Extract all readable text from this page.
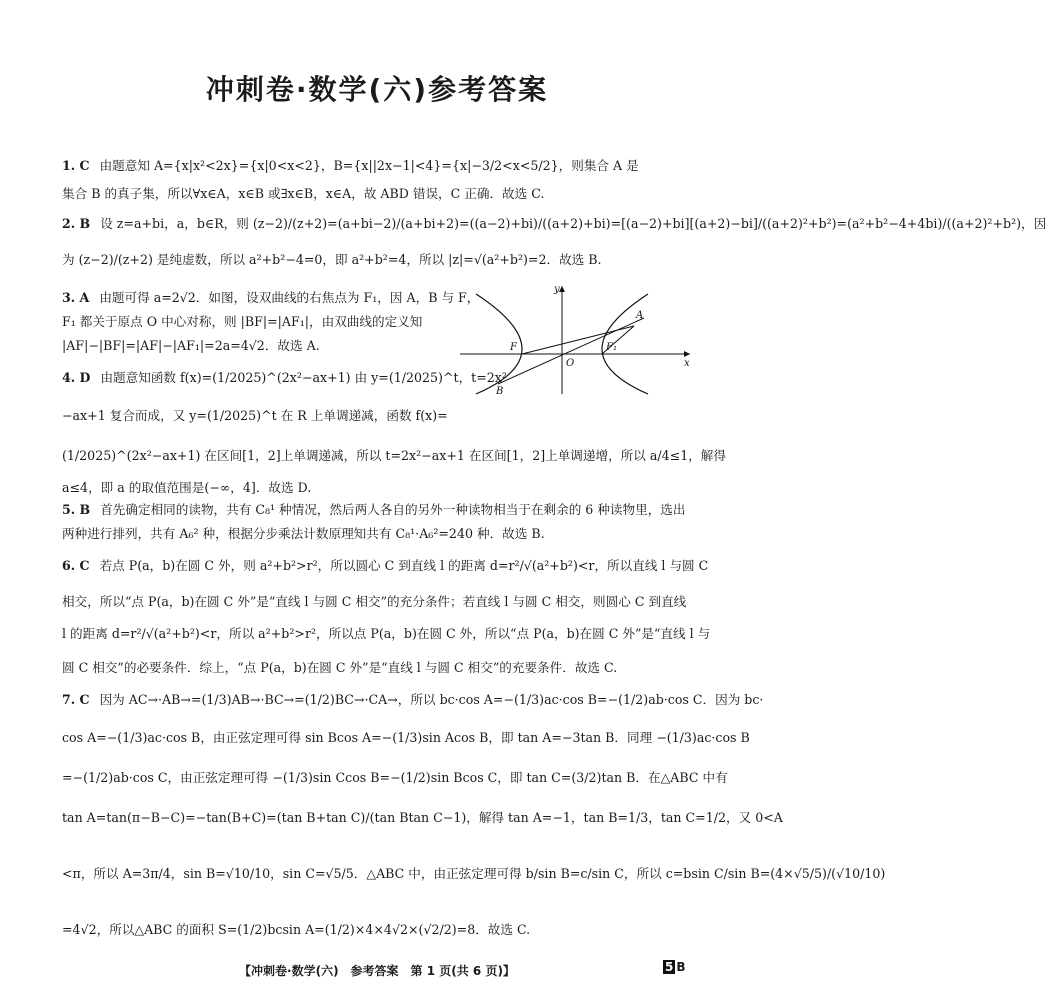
冲刺卷·数学(六)参考答案
1. C 由题意知 A={x|x²<2x}={x|0<x<2}，B={x||2x−1|<4}={x|−3/2<x<5/2}，则集合 A 是
集合 B 的真子集，所以∀x∈A，x∈B 或∃x∈B，x∈A，故 ABD 错误，C 正确．故选 C.
2. B 设 z=a+bi，a，b∈R，则 (z−2)/(z+2)=(a+bi−2)/(a+bi+2)=((a−2)+bi)/((a+2)+bi)=[(a−2)+bi][(a+2)−bi]/((a+2)²+b²)=(a²+b²−4+4bi)/((a+2)²+b²)，因
为 (z−2)/(z+2) 是纯虚数，所以 a²+b²−4=0，即 a²+b²=4，所以 |z|=√(a²+b²)=2．故选 B.
3. A 由题可得 a=2√2．如图，设双曲线的右焦点为 F₁，因 A，B 与 F，
F₁ 都关于原点 O 中心对称，则 |BF|=|AF₁|，由双曲线的定义知
|AF|−|BF|=|AF|−|AF₁|=2a=4√2．故选 A.
y
x
A
B
F
O
F₁
4. D 由题意知函数 f(x)=(1/2025)^(2x²−ax+1) 由 y=(1/2025)^t，t=2x²
−ax+1 复合而成，又 y=(1/2025)^t 在 R 上单调递减，函数 f(x)=
(1/2025)^(2x²−ax+1) 在区间[1，2]上单调递减，所以 t=2x²−ax+1 在区间[1，2]上单调递增，所以 a/4≤1，解得
a≤4，即 a 的取值范围是(−∞，4]．故选 D.
5. B 首先确定相同的读物，共有 C₈¹ 种情况，然后两人各自的另外一种读物相当于在剩余的 6 种读物里，选出
两种进行排列，共有 A₆² 种，根据分步乘法计数原理知共有 C₈¹·A₆²=240 种．故选 B.
6. C 若点 P(a，b)在圆 C 外，则 a²+b²>r²，所以圆心 C 到直线 l 的距离 d=r²/√(a²+b²)<r，所以直线 l 与圆 C
相交，所以“点 P(a，b)在圆 C 外”是“直线 l 与圆 C 相交”的充分条件；若直线 l 与圆 C 相交，则圆心 C 到直线
l 的距离 d=r²/√(a²+b²)<r，所以 a²+b²>r²，所以点 P(a，b)在圆 C 外，所以“点 P(a，b)在圆 C 外”是“直线 l 与
圆 C 相交”的必要条件．综上，“点 P(a，b)在圆 C 外”是“直线 l 与圆 C 相交”的充要条件．故选 C.
7. C 因为 AC→·AB→=(1/3)AB→·BC→=(1/2)BC→·CA→，所以 bc·cos A=−(1/3)ac·cos B=−(1/2)ab·cos C．因为 bc·
cos A=−(1/3)ac·cos B，由正弦定理可得 sin Bcos A=−(1/3)sin Acos B，即 tan A=−3tan B．同理 −(1/3)ac·cos B
=−(1/2)ab·cos C，由正弦定理可得 −(1/3)sin Ccos B=−(1/2)sin Bcos C，即 tan C=(3/2)tan B．在△ABC 中有
tan A=tan(π−B−C)=−tan(B+C)=(tan B+tan C)/(tan Btan C−1)，解得 tan A=−1，tan B=1/3，tan C=1/2，又 0<A
<π，所以 A=3π/4，sin B=√10/10，sin C=√5/5．△ABC 中，由正弦定理可得 b/sin B=c/sin C，所以 c=bsin C/sin B=(4×√5/5)/(√10/10)
=4√2，所以△ABC 的面积 S=(1/2)bcsin A=(1/2)×4×4√2×(√2/2)=8．故选 C.
【冲刺卷·数学(六)　参考答案　第 1 页(共 6 页)】	5 B
